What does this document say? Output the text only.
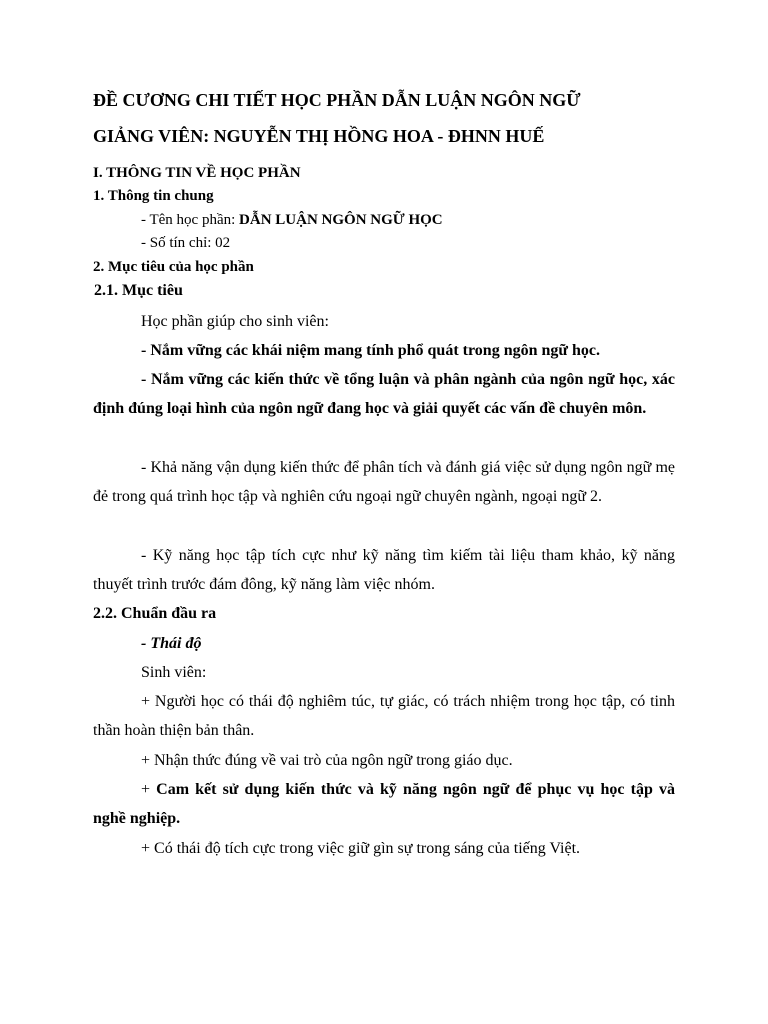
ĐỀ CƯƠNG CHI TIẾT HỌC PHẦN DẪN LUẬN NGÔN NGỮ
GIẢNG VIÊN: NGUYỄN THỊ HỒNG HOA - ĐHNN HUẾ
I. THÔNG TIN VỀ HỌC PHẦN
1. Thông tin chung
- Tên học phần: DẪN LUẬN NGÔN NGỮ HỌC
- Số tín chỉ: 02
2. Mục tiêu của học phần
2.1. Mục tiêu
Học phần giúp cho sinh viên:
- Nắm vững các khái niệm mang tính phổ quát trong ngôn ngữ học.
- Nắm vững các kiến thức về tổng luận và phân ngành của ngôn ngữ học, xác định đúng loại hình của ngôn ngữ đang học và giải quyết các vấn đề chuyên môn.
- Khả năng vận dụng kiến thức để phân tích và đánh giá việc sử dụng ngôn ngữ mẹ đẻ trong quá trình học tập và nghiên cứu ngoại ngữ chuyên ngành, ngoại ngữ 2.
- Kỹ năng học tập tích cực như kỹ năng tìm kiếm tài liệu tham khảo, kỹ năng thuyết trình trước đám đông, kỹ năng làm việc nhóm.
2.2. Chuẩn đầu ra
- Thái độ
Sinh viên:
+ Người học có thái độ nghiêm túc, tự giác, có trách nhiệm trong học tập, có tinh thần hoàn thiện bản thân.
+ Nhận thức đúng về vai trò của ngôn ngữ trong giáo dục.
+ Cam kết sử dụng kiến thức và kỹ năng ngôn ngữ để phục vụ học tập và nghề nghiệp.
+ Có thái độ tích cực trong việc giữ gìn sự trong sáng của tiếng Việt.
